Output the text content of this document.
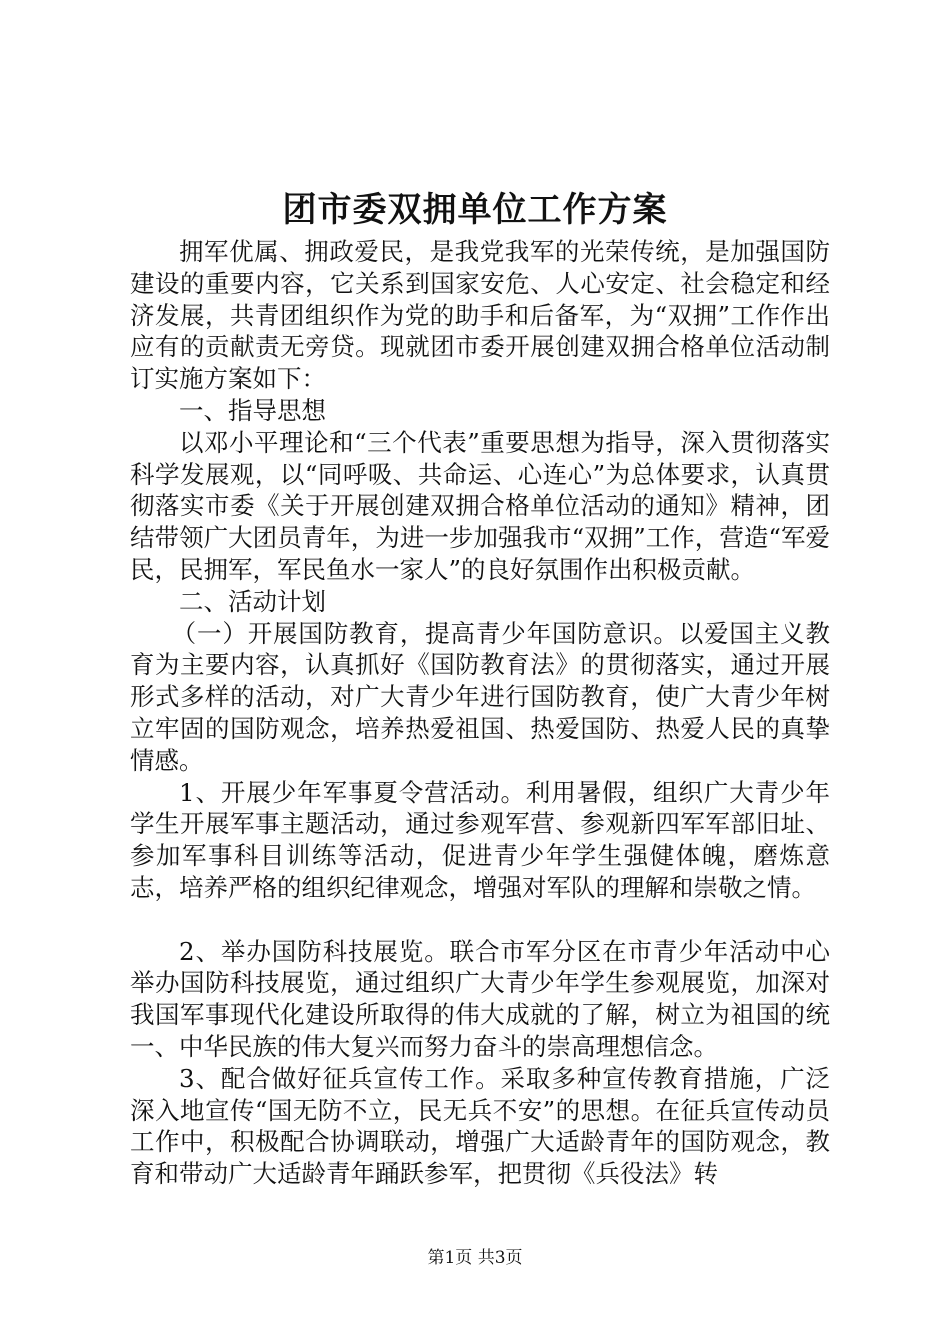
团市委双拥单位工作方案

拥军优属、拥政爱民，是我党我军的光荣传统，是加强国防建设的重要内容，它关系到国家安危、人心安定、社会稳定和经济发展，共青团组织作为党的助手和后备军，为“双拥”工作作出应有的贡献责无旁贷。现就团市委开展创建双拥合格单位活动制订实施方案如下：

一、指导思想

以邓小平理论和“三个代表”重要思想为指导，深入贯彻落实科学发展观，以“同呼吸、共命运、心连心”为总体要求，认真贯彻落实市委《关于开展创建双拥合格单位活动的通知》精神，团结带领广大团员青年，为进一步加强我市“双拥”工作，营造“军爱民，民拥军，军民鱼水一家人”的良好氛围作出积极贡献。

二、活动计划

（一）开展国防教育，提高青少年国防意识。以爱国主义教育为主要内容，认真抓好《国防教育法》的贯彻落实，通过开展形式多样的活动，对广大青少年进行国防教育，使广大青少年树立牢固的国防观念，培养热爱祖国、热爱国防、热爱人民的真挚情感。

1、开展少年军事夏令营活动。利用暑假，组织广大青少年学生开展军事主题活动，通过参观军营、参观新四军军部旧址、参加军事科目训练等活动，促进青少年学生强健体魄，磨炼意志，培养严格的组织纪律观念，增强对军队的理解和崇敬之情。

2、举办国防科技展览。联合市军分区在市青少年活动中心举办国防科技展览，通过组织广大青少年学生参观展览，加深对我国军事现代化建设所取得的伟大成就的了解，树立为祖国的统一、中华民族的伟大复兴而努力奋斗的崇高理想信念。

3、配合做好征兵宣传工作。采取多种宣传教育措施，广泛深入地宣传“国无防不立，民无兵不安”的思想。在征兵宣传动员工作中，积极配合协调联动，增强广大适龄青年的国防观念，教育和带动广大适龄青年踊跃参军，把贯彻《兵役法》转

第1页 共3页
